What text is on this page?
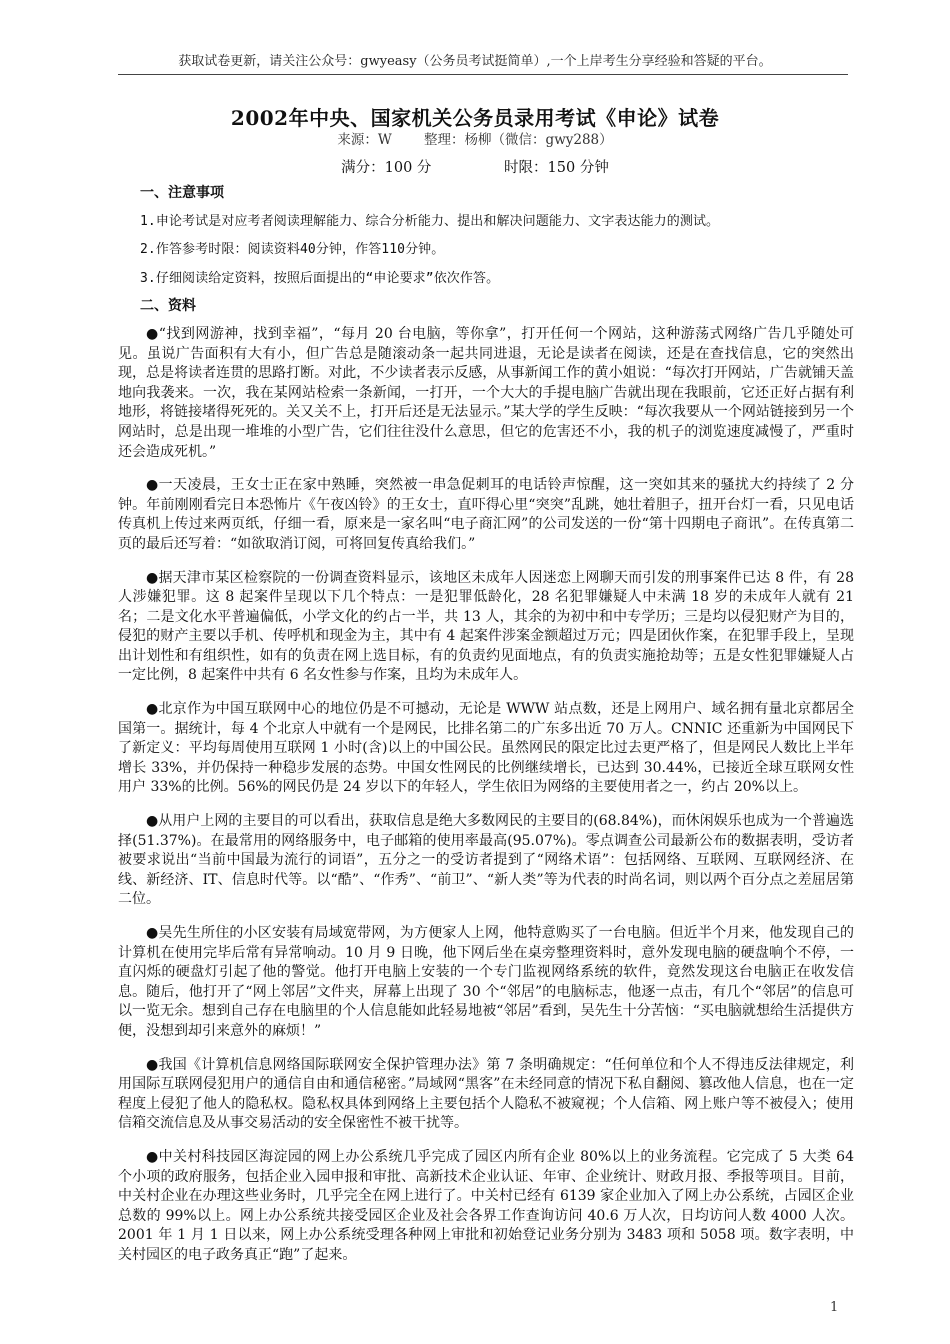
获取试卷更新，请关注公众号：gwyeasy（公务员考试挺简单）,一个上岸考生分享经验和答疑的平台。
2002年中央、国家机关公务员录用考试《申论》试卷
来源：W 整理：杨柳（微信：gwy288）
满分：100 分	时限：150 分钟
一、注意事项
1.申论考试是对应考者阅读理解能力、综合分析能力、提出和解决问题能力、文字表达能力的测试。
2.作答参考时限：阅读资料40分钟，作答110分钟。
3.仔细阅读给定资料，按照后面提出的“申论要求”依次作答。
二、资料

●“找到网游神，找到幸福”，“每月 20 台电脑，等你拿”，打开任何一个网站，这种游荡式网络广告几乎随处可见。虽说广告面积有大有小，但广告总是随滚动条一起共同进退，无论是读者在阅读，还是在查找信息，它的突然出现，总是将读者连贯的思路打断。对此，不少读者表示反感，从事新闻工作的黄小姐说：“每次打开网站，广告就铺天盖地向我袭来。一次，我在某网站检索一条新闻，一打开，一个大大的手提电脑广告就出现在我眼前，它还正好占据有利地形，将链接堵得死死的。关又关不上，打开后还是无法显示。”某大学的学生反映：“每次我要从一个网站链接到另一个网站时，总是出现一堆堆的小型广告，它们往往没什么意思，但它的危害还不小，我的机子的浏览速度减慢了，严重时还会造成死机。”

●一天凌晨，王女士正在家中熟睡，突然被一串急促刺耳的电话铃声惊醒，这一突如其来的骚扰大约持续了 2 分钟。年前刚刚看完日本恐怖片《午夜凶铃》的王女士，直吓得心里“突突”乱跳，她壮着胆子，扭开台灯一看，只见电话传真机上传过来两页纸，仔细一看，原来是一家名叫“电子商汇网”的公司发送的一份“第十四期电子商讯”。在传真第二页的最后还写着：“如欲取消订阅，可将回复传真给我们。”

●据天津市某区检察院的一份调查资料显示，该地区未成年人因迷恋上网聊天而引发的刑事案件已达 8 件，有 28 人涉嫌犯罪。这 8 起案件呈现以下几个特点：一是犯罪低龄化，28 名犯罪嫌疑人中未满 18 岁的未成年人就有 21 名；二是文化水平普遍偏低，小学文化的约占一半，共 13 人，其余的为初中和中专学历；三是均以侵犯财产为目的，侵犯的财产主要以手机、传呼机和现金为主，其中有 4 起案件涉案金额超过万元；四是团伙作案，在犯罪手段上，呈现出计划性和有组织性，如有的负责在网上选目标，有的负责约见面地点，有的负责实施抢劫等；五是女性犯罪嫌疑人占一定比例，8 起案件中共有 6 名女性参与作案，且均为未成年人。

●北京作为中国互联网中心的地位仍是不可撼动，无论是 WWW 站点数，还是上网用户、域名拥有量北京都居全国第一。据统计，每 4 个北京人中就有一个是网民，比排名第二的广东多出近 70 万人。CNNIC 还重新为中国网民下了新定义：平均每周使用互联网 1 小时(含)以上的中国公民。虽然网民的限定比过去更严格了，但是网民人数比上半年增长 33%，并仍保持一种稳步发展的态势。中国女性网民的比例继续增长，已达到 30.44%，已接近全球互联网女性用户 33%的比例。56%的网民仍是 24 岁以下的年轻人，学生依旧为网络的主要使用者之一，约占 20%以上。

●从用户上网的主要目的可以看出，获取信息是绝大多数网民的主要目的(68.84%)，而休闲娱乐也成为一个普遍选择(51.37%)。在最常用的网络服务中，电子邮箱的使用率最高(95.07%)。零点调查公司最新公布的数据表明，受访者被要求说出“当前中国最为流行的词语”，五分之一的受访者提到了“网络术语”：包括网络、互联网、互联网经济、在线、新经济、IT、信息时代等。以“酷”、“作秀”、“前卫”、“新人类”等为代表的时尚名词，则以两个百分点之差屈居第二位。

●吴先生所住的小区安装有局域宽带网，为方便家人上网，他特意购买了一台电脑。但近半个月来，他发现自己的计算机在使用完毕后常有异常响动。10 月 9 日晚，他下网后坐在桌旁整理资料时，意外发现电脑的硬盘响个不停，一直闪烁的硬盘灯引起了他的警觉。他打开电脑上安装的一个专门监视网络系统的软件，竟然发现这台电脑正在收发信息。随后，他打开了“网上邻居”文件夹，屏幕上出现了 30 个“邻居”的电脑标志，他逐一点击，有几个“邻居”的信息可以一览无余。想到自己存在电脑里的个人信息能如此轻易地被“邻居”看到，吴先生十分苦恼：“买电脑就想给生活提供方便，没想到却引来意外的麻烦！”

●我国《计算机信息网络国际联网安全保护管理办法》第 7 条明确规定：“任何单位和个人不得违反法律规定，利用国际互联网侵犯用户的通信自由和通信秘密。”局域网“黑客”在未经同意的情况下私自翻阅、篡改他人信息，也在一定程度上侵犯了他人的隐私权。隐私权具体到网络上主要包括个人隐私不被窥视；个人信箱、网上账户等不被侵入；使用信箱交流信息及从事交易活动的安全保密性不被干扰等。

●中关村科技园区海淀园的网上办公系统几乎完成了园区内所有企业 80%以上的业务流程。它完成了 5 大类 64 个小项的政府服务，包括企业入园申报和审批、高新技术企业认证、年审、企业统计、财政月报、季报等项目。目前，中关村企业在办理这些业务时，几乎完全在网上进行了。中关村已经有 6139 家企业加入了网上办公系统，占园区企业总数的 99%以上。网上办公系统共接受园区企业及社会各界工作查询访问 40.6 万人次，日均访问人数 4000 人次。2001 年 1 月 1 日以来，网上办公系统受理各种网上审批和初始登记业务分别为 3483 项和 5058 项。数字表明，中关村园区的电子政务真正“跑”了起来。

1
